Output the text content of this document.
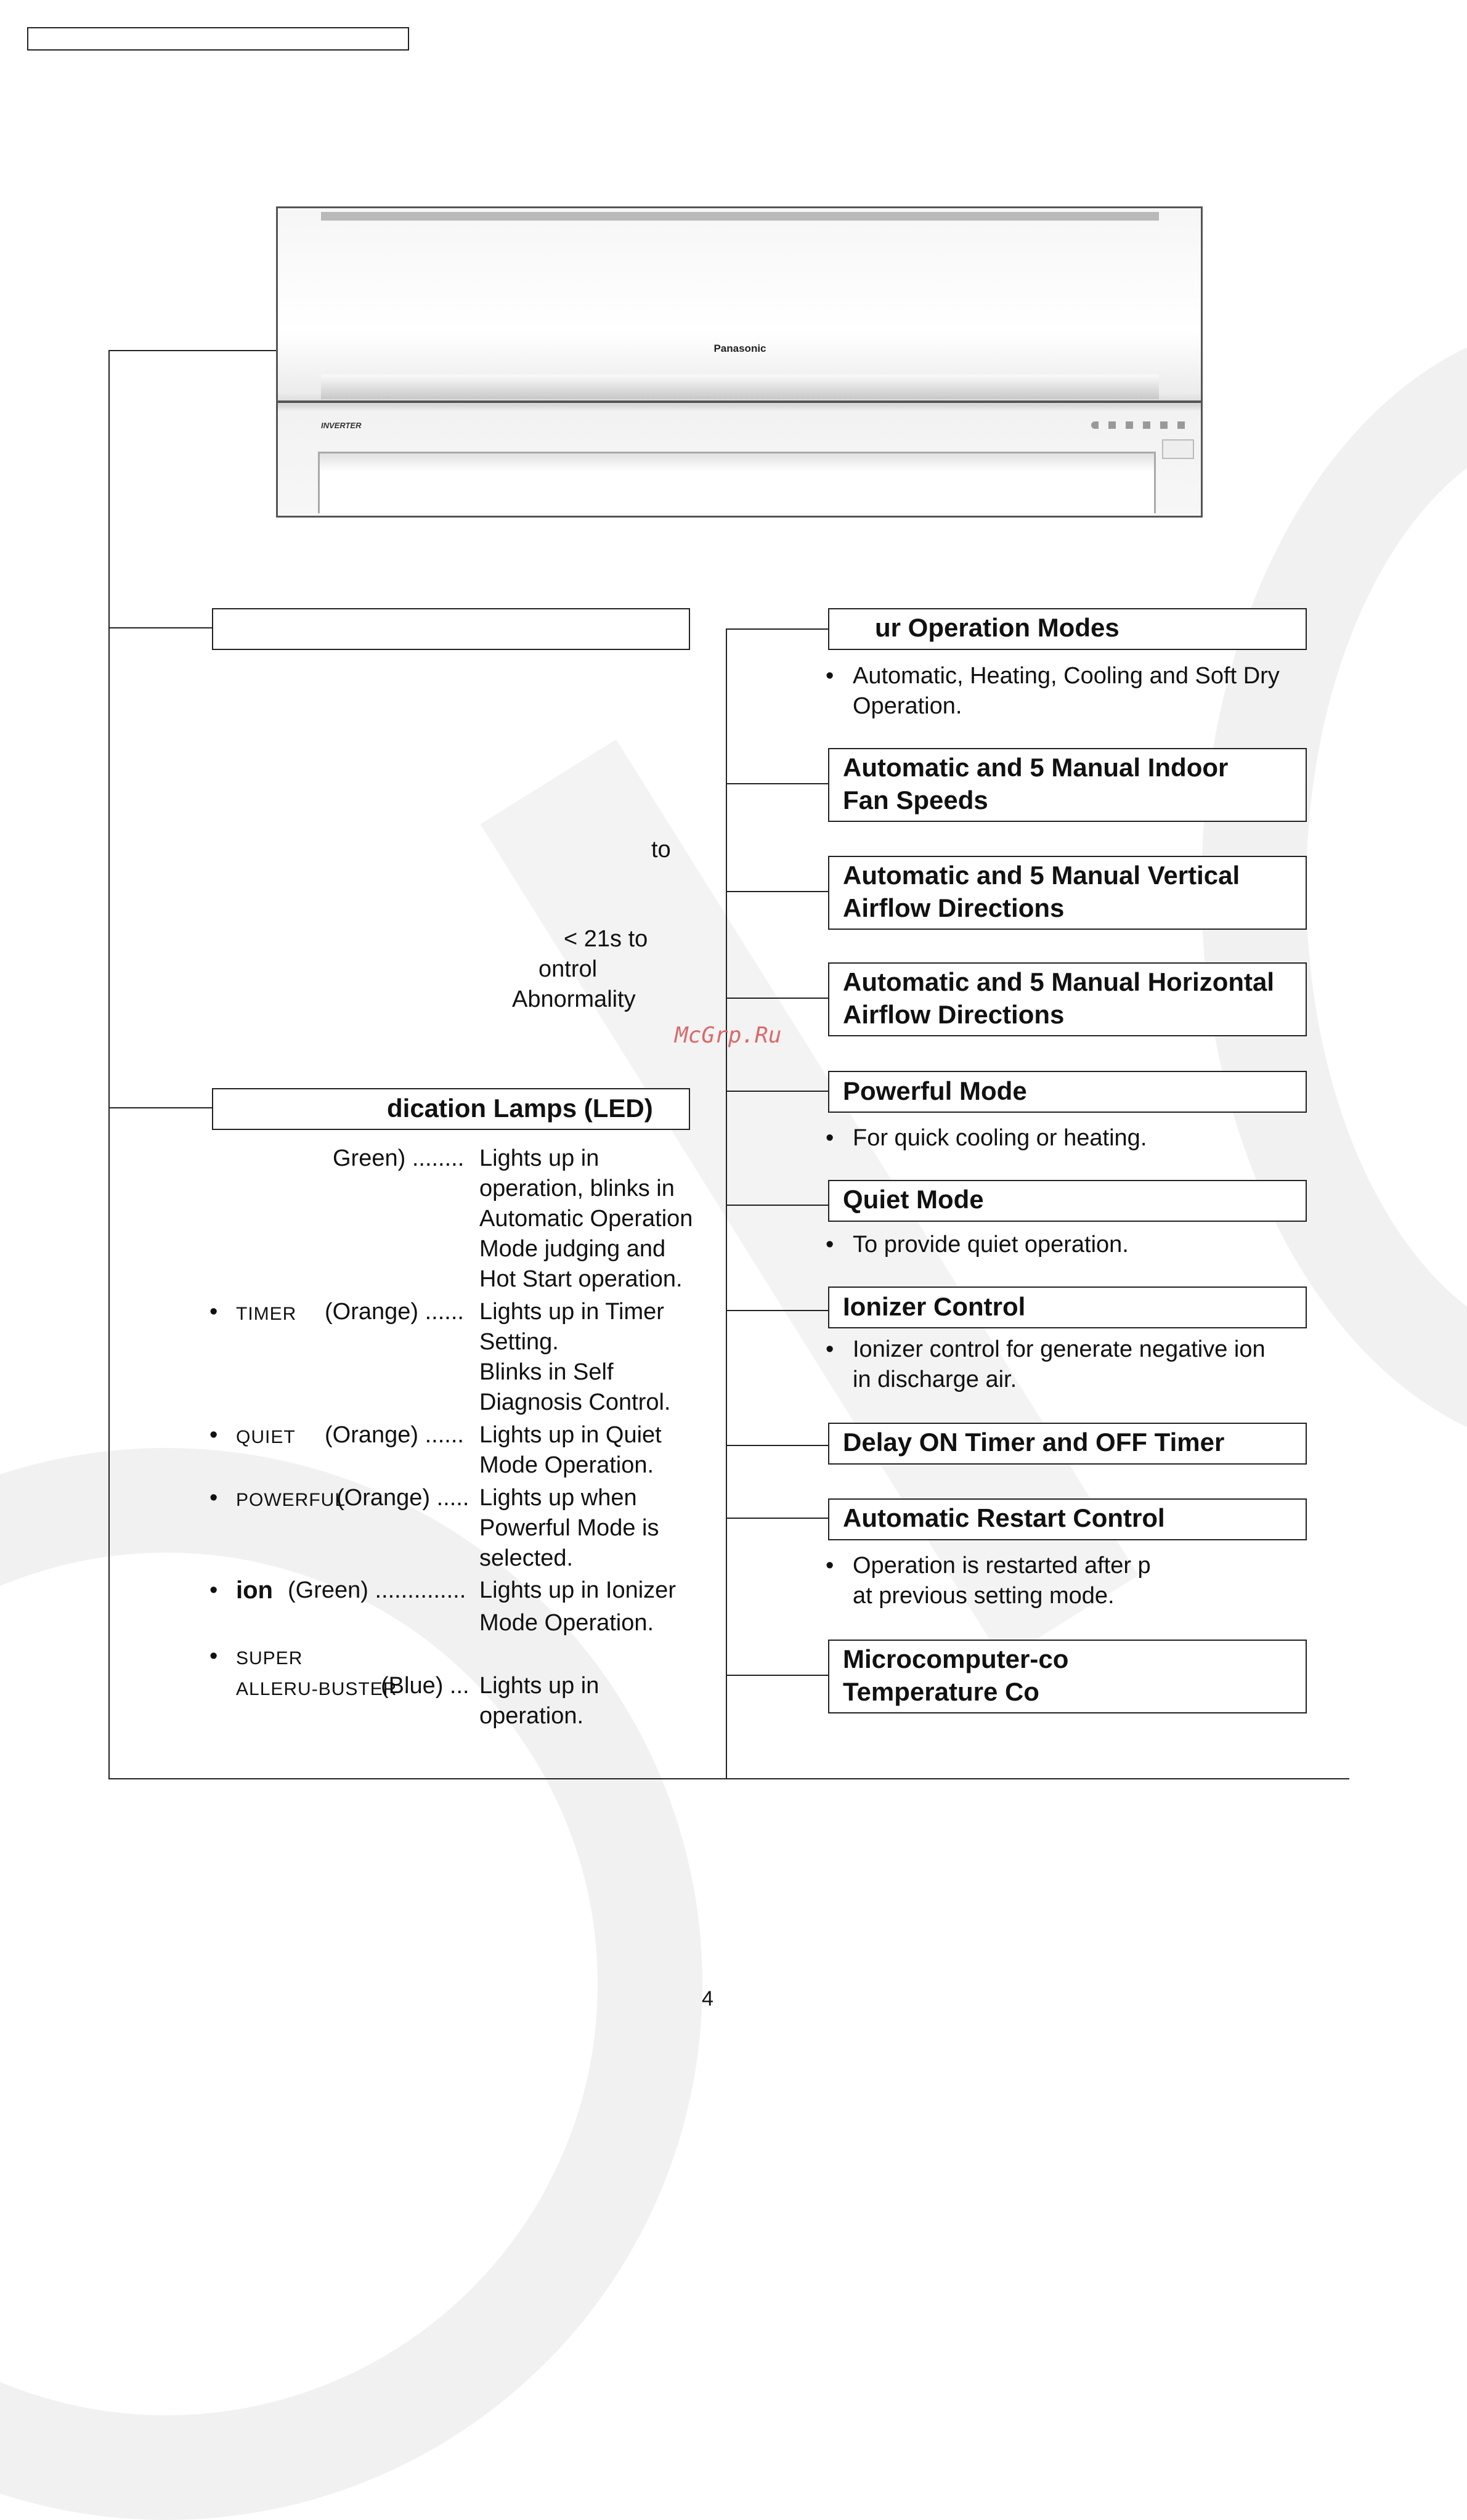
Panasonic
INVERTER
to
< 21s to
ontrol
Abnormality
McGrp.Ru
dication Lamps (LED)
Green) ........ Lights up in
operation, blinks in
Automatic Operation
Mode judging and
Hot Start operation.
• TIMER (Orange) ...... Lights up in Timer
Setting.
Blinks in Self
Diagnosis Control.
• QUIET (Orange) ...... Lights up in Quiet
Mode Operation.
• POWERFUL
(Orange) ..... Lights up when
Powerful Mode is
selected.
• ion (Green) .............. Lights up in Ionizer
Mode Operation.
• SUPER
ALLERU-BUSTER
(Blue) ... Lights up in
operation.
ur Operation Modes
• Automatic, Heating, Cooling and Soft Dry
Operation.
Automatic and 5 Manual Indoor
Fan Speeds
Automatic and 5 Manual Vertical
Airflow Directions
Automatic and 5 Manual Horizontal
Airflow Directions
Powerful Mode
• For quick cooling or heating.
Quiet Mode
• To provide quiet operation.
Ionizer Control
• Ionizer control for generate negative ion
in discharge air.
Delay ON Timer and OFF Timer
Automatic Restart Control
• Operation is restarted after p
at previous setting mode.
Microcomputer-co
Temperature Co
4
